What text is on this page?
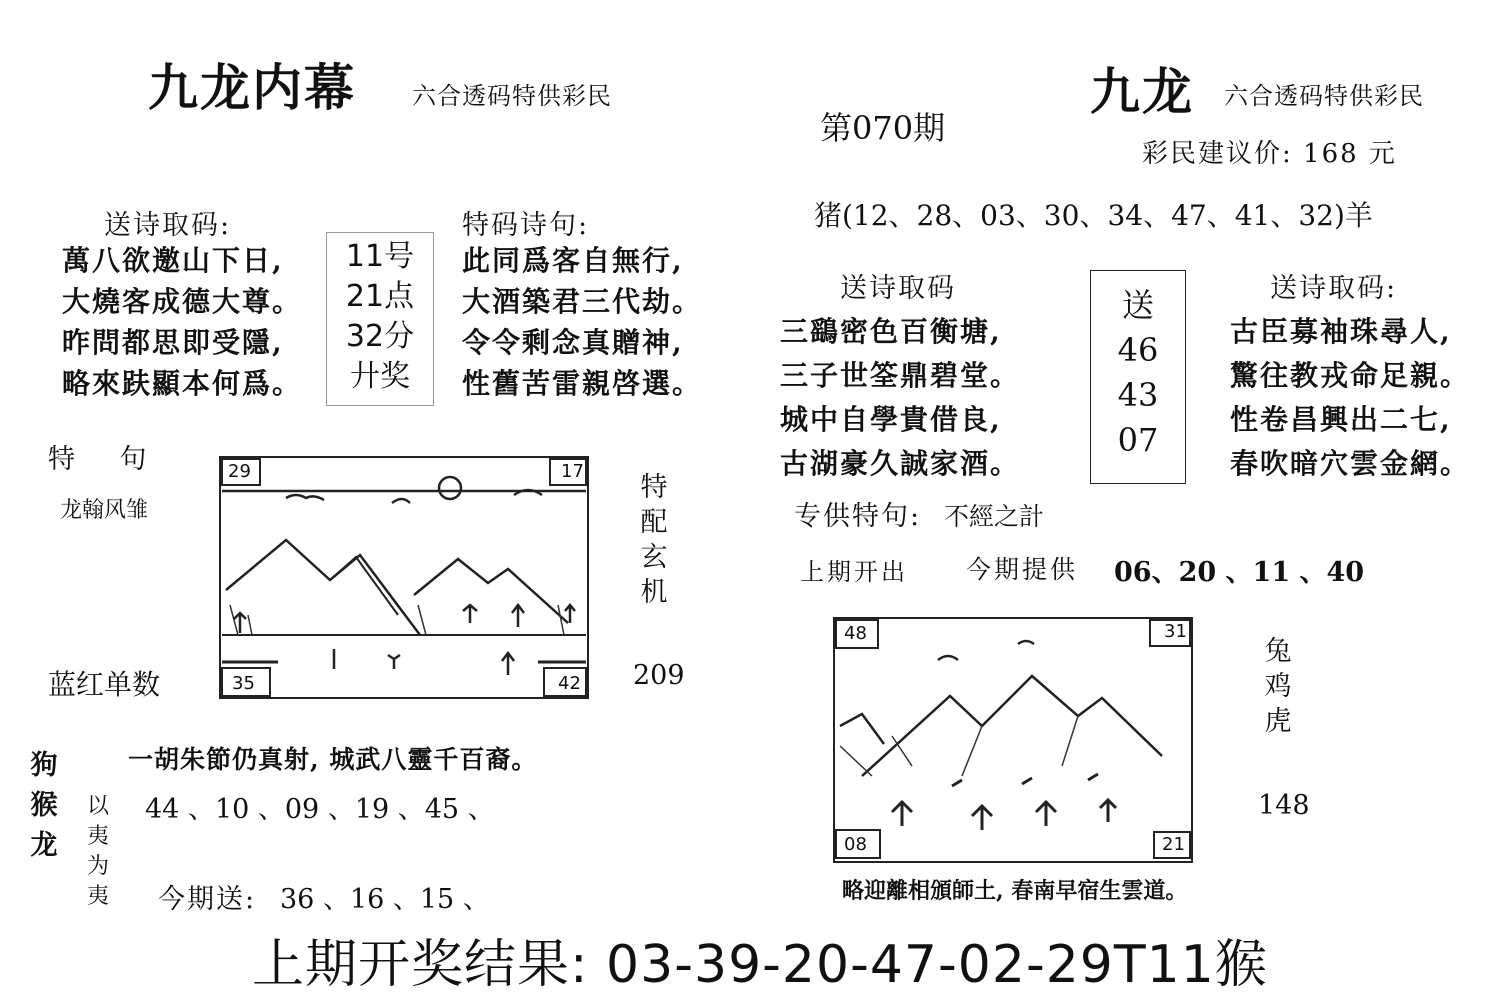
九龙内幕 六合透码特供彩民
送诗取码:
萬八欲邀山下日,
大燒客成德大尊。
昨問都思即受隱,
略來趺顯本何爲。
11号
21点
32分
廾奖
特码诗句:
此同爲客自無行,
大酒築君三代劫。
令令剩念真贈神,
性舊苦雷親啓選。
特    句
龙翰风雏
蓝红单数
29	17
35	42
特
配
玄
机
209
一胡朱節仍真射, 城武八靈千百裔。
狗
猴
龙
以
夷
为
夷
44 、10 、09 、19 、45 、
今期送: 36 、16 、15 、
第070期
九龙 六合透码特供彩民
彩民建议价: 168 元
猪(12、28、03、30、34、47、41、32)羊
送诗取码
三鷂密色百衡塘,
三子世筌鼎碧堂。
城中自學貴借良,
古湖豪久誠家酒。
送
46
43
07
送诗取码:
古臣募袖珠尋人,
驚往教戎命足親。
性卷昌興出二七,
春吹暗穴雲金網。
专供特句: 不經之計
上期开出 今期提供 06、20 、11 、40
48	31
08	21
兔
鸡
虎
148
略迎離相頒師土, 春南早宿生雲道。
上期开奖结果: 03-39-20-47-02-29T11猴
